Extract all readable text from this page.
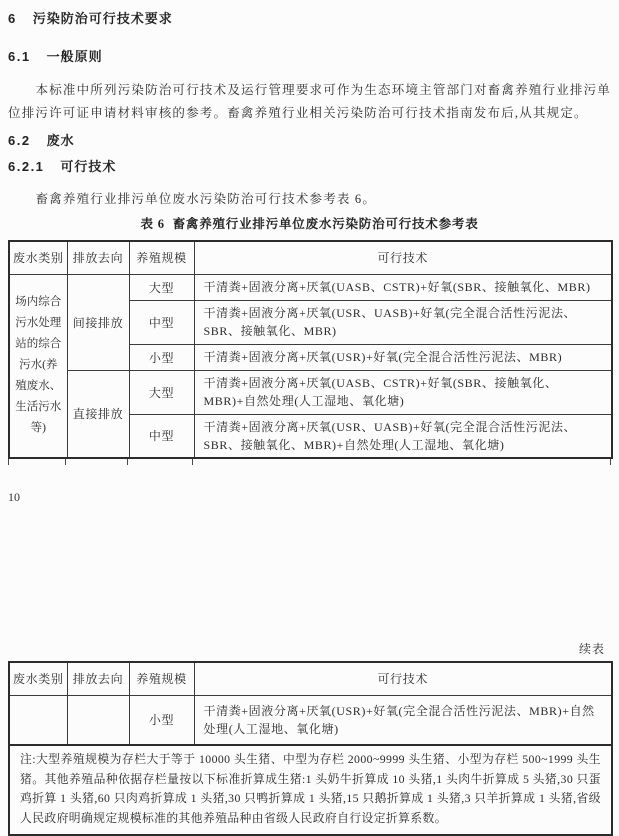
6 污染防治可行技术要求
6.1 一般原则

本标准中所列污染防治可行技术及运行管理要求可作为生态环境主管部门对畜禽养殖行业排污单位排污许可证申请材料审核的参考。畜禽养殖行业相关污染防治可行技术指南发布后,从其规定。

6.2 废水
6.2.1 可行技术

畜禽养殖行业排污单位废水污染防治可行技术参考表 6。

表 6  畜禽养殖行业排污单位废水污染防治可行技术参考表
废水类别	排放去向	养殖规模	可行技术
场内综合污水处理站的综合污水(养殖废水、生活污水等)	间接排放	大型	干清粪+固液分离+厌氧(UASB、CSTR)+好氧(SBR、接触氧化、MBR)
		中型	干清粪+固液分离+厌氧(USR、UASB)+好氧(完全混合活性污泥法、SBR、接触氧化、MBR)
		小型	干清粪+固液分离+厌氧(USR)+好氧(完全混合活性污泥法、MBR)
	直接排放	大型	干清粪+固液分离+厌氧(UASB、CSTR)+好氧(SBR、接触氧化、MBR)+自然处理(人工湿地、氧化塘)
		中型	干清粪+固液分离+厌氧(USR、UASB)+好氧(完全混合活性污泥法、SBR、接触氧化、MBR)+自然处理(人工湿地、氧化塘)
10
续表
废水类别	排放去向	养殖规模	可行技术
		小型	干清粪+固液分离+厌氧(USR)+好氧(完全混合活性污泥法、MBR)+自然处理(人工湿地、氧化塘)
注:大型养殖规模为存栏大于等于 10000 头生猪、中型为存栏 2000~9999 头生猪、小型为存栏 500~1999 头生猪。其他养殖品种依据存栏量按以下标准折算成生猪:1 头奶牛折算成 10 头猪,1 头肉牛折算成 5 头猪,30 只蛋鸡折算 1 头猪,60 只肉鸡折算成 1 头猪,30 只鸭折算成 1 头猪,15 只鹅折算成 1 头猪,3 只羊折算成 1 头猪,省级人民政府明确规定规模标准的其他养殖品种由省级人民政府自行设定折算系数。			
